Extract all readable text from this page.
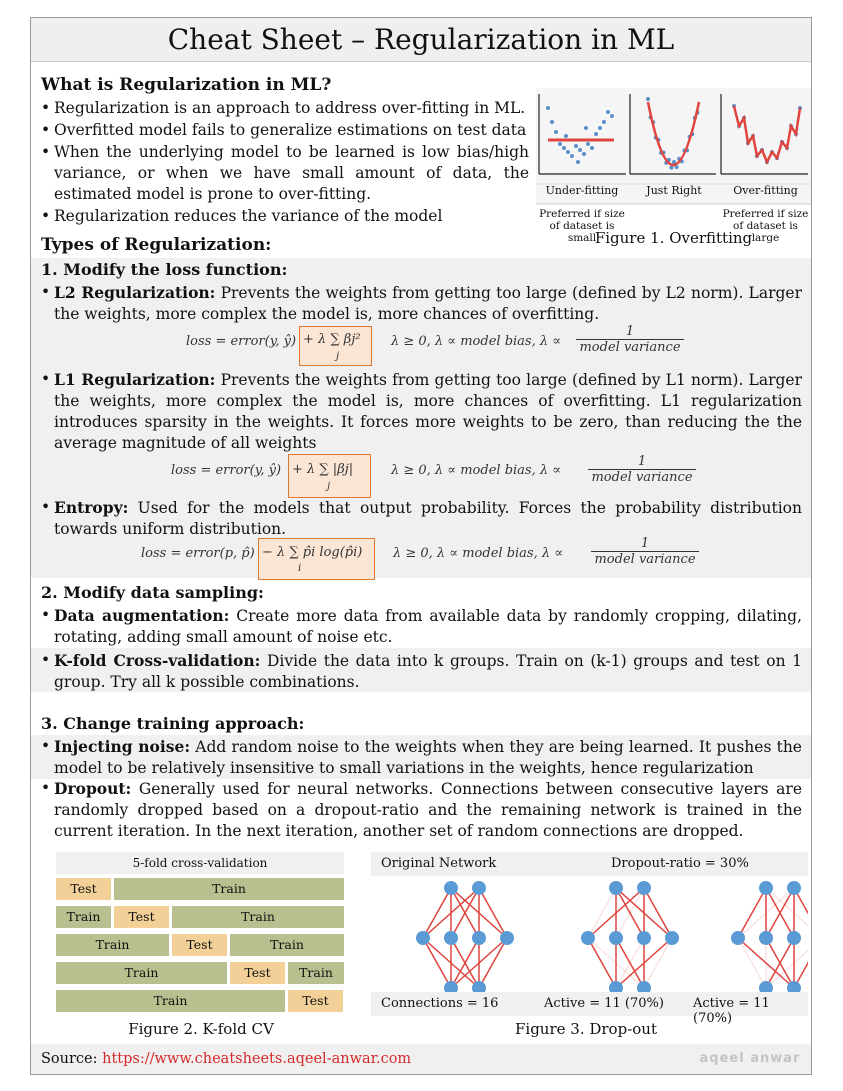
Cheat Sheet – Regularization in ML
What is Regularization in ML?
• Regularization is an approach to address over-fitting in ML.
• Overfitted model fails to generalize estimations on test data
• When the underlying model to be learned is low bias/high variance, or when we have small amount of data, the estimated model is prone to over-fitting.
• Regularization reduces the variance of the model
Under-fitting	Just Right	Over-fitting
Preferred if size of dataset is small
Preferred if size of dataset is large
Figure 1. Overfitting
Types of Regularization:
1. Modify the loss function:
• L2 Regularization: Prevents the weights from getting too large (defined by L2 norm). Larger the weights, more complex the model is, more chances of overfitting.
loss = error(y, ŷ) + λ ∑ βj²
j
λ ≥ 0, λ ∝ model bias, λ ∝
1
model variance
• L1 Regularization: Prevents the weights from getting too large (defined by L1 norm). Larger the weights, more complex the model is, more chances of overfitting. L1 regularization introduces sparsity in the weights. It forces more weights to be zero, than reducing the the average magnitude of all weights
loss = error(y, ŷ) + λ ∑ |βj|
j
λ ≥ 0, λ ∝ model bias, λ ∝
1
model variance
• Entropy: Used for the models that output probability. Forces the probability distribution towards uniform distribution.
loss = error(p, p̂) − λ ∑ p̂i log(p̂i)
i
λ ≥ 0, λ ∝ model bias, λ ∝
1
model variance
2. Modify data sampling:
• Data augmentation: Create more data from available data by randomly cropping, dilating, rotating, adding small amount of noise etc.
• K-fold Cross-validation: Divide the data into k groups. Train on (k-1) groups and test on 1 group. Try all k possible combinations.
3. Change training approach:
• Injecting noise: Add random noise to the weights when they are being learned. It pushes the model to be relatively insensitive to small variations in the weights, hence regularization
• Dropout: Generally used for neural networks. Connections between consecutive layers are randomly dropped based on a dropout-ratio and the remaining network is trained in the current iteration. In the next iteration, another set of random connections are dropped.
5-fold cross-validation
Test	Train
Train	Test	Train
Train	Test	Train
Train	Test	Train
Train	Test
Figure 2. K-fold CV
Original Network	Dropout-ratio = 30%
Connections = 16	Active = 11 (70%) Active = 11 (70%)
Figure 3. Drop-out
Source: https://www.cheatsheets.aqeel-anwar.com	aqeel anwar
